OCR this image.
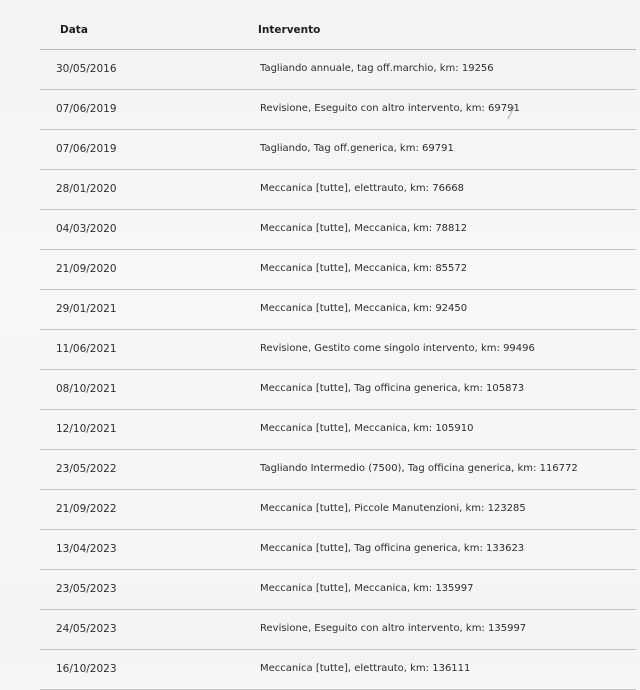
Data	Intervento
30/05/2016	Tagliando annuale, tag off.marchio, km: 19256
07/06/2019	Revisione, Eseguito con altro intervento, km: 69791
07/06/2019	Tagliando, Tag off.generica, km: 69791
28/01/2020	Meccanica [tutte], elettrauto, km: 76668
04/03/2020	Meccanica [tutte], Meccanica, km: 78812
21/09/2020	Meccanica [tutte], Meccanica, km: 85572
29/01/2021	Meccanica [tutte], Meccanica, km: 92450
11/06/2021	Revisione, Gestito come singolo intervento, km: 99496
08/10/2021	Meccanica [tutte], Tag officina generica, km: 105873
12/10/2021	Meccanica [tutte], Meccanica, km: 105910
23/05/2022	Tagliando Intermedio (7500), Tag officina generica, km: 116772
21/09/2022	Meccanica [tutte], Piccole Manutenzioni, km: 123285
13/04/2023	Meccanica [tutte], Tag officina generica, km: 133623
23/05/2023	Meccanica [tutte], Meccanica, km: 135997
24/05/2023	Revisione, Eseguito con altro intervento, km: 135997
16/10/2023	Meccanica [tutte], elettrauto, km: 136111
